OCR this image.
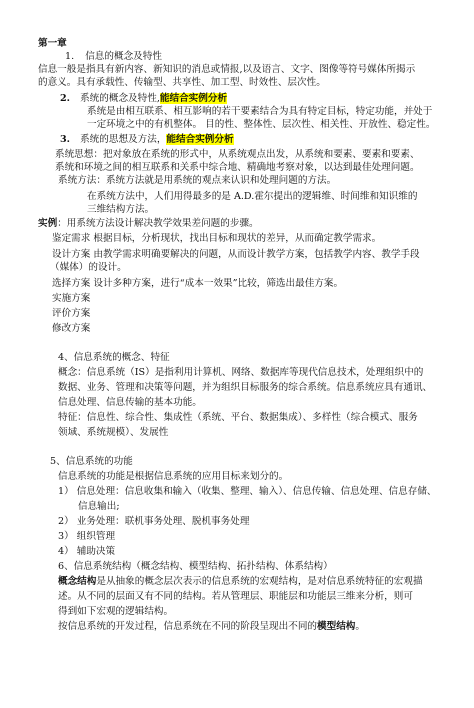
第一章
1. 信息的概念及特性
信息一般是指具有新内容、新知识的消息或情报,以及语言、文字、图像等符号媒体所揭示
的意义。具有承载性、传输型、共享性、加工型、时效性、层次性。
2. 系统的概念及特性,能结合实例分析
系统是由相互联系、相互影响的若干要素结合为具有特定目标，特定功能，并处于
一定环境之中的有机整体。 目的性、整体性、层次性、相关性、开放性、稳定性。
3. 系统的思想及方法，能结合实例分析
系统思想：把对象放在系统的形式中，从系统观点出发，从系统和要素、要素和要素、
系统和环境之间的相互联系和关系中综合地、精确地考察对象，以达到最佳处理问题。
系统方法：系统方法就是用系统的观点来认识和处理问题的方法。
在系统方法中，人们用得最多的是 A.D.霍尔提出的逻辑维、时间维和知识维的
三维结构方法。
实例：用系统方法设计解决教学效果差问题的步骤。
鉴定需求 根据目标，分析现状，找出目标和现状的差异，从而确定教学需求。
设计方案 由教学需求明确要解决的问题，从而设计教学方案，包括教学内容、教学手段
（媒体）的设计。
选择方案 设计多种方案，进行“成本一效果”比较，筛选出最佳方案。
实施方案
评价方案
修改方案
4、信息系统的概念、特征
概念：信息系统（IS）是指利用计算机、网络、数据库等现代信息技术，处理组织中的
数据、业务、管理和决策等问题，并为组织目标服务的综合系统。信息系统应具有通讯、
信息处理、信息传输的基本功能。
特征：信息性、综合性、集成性（系统、平台、数据集成）、多样性（综合模式、服务
领域、系统规模）、发展性
5、信息系统的功能
信息系统的功能是根据信息系统的应用目标来划分的。
1） 信息处理：信息收集和输入（收集、整理、输入）、信息传输、信息处理、信息存储、
信息输出;
2） 业务处理：联机事务处理、脱机事务处理
3） 组织管理
4） 辅助决策
6、信息系统结构（概念结构、模型结构、拓扑结构、体系结构）
概念结构是从抽象的概念层次表示的信息系统的宏观结构，是对信息系统特征的宏观描
述。从不同的层面又有不同的结构。若从管理层、职能层和功能层三维来分析，则可
得到如下宏观的逻辑结构。
按信息系统的开发过程，信息系统在不同的阶段呈现出不同的模型结构。
